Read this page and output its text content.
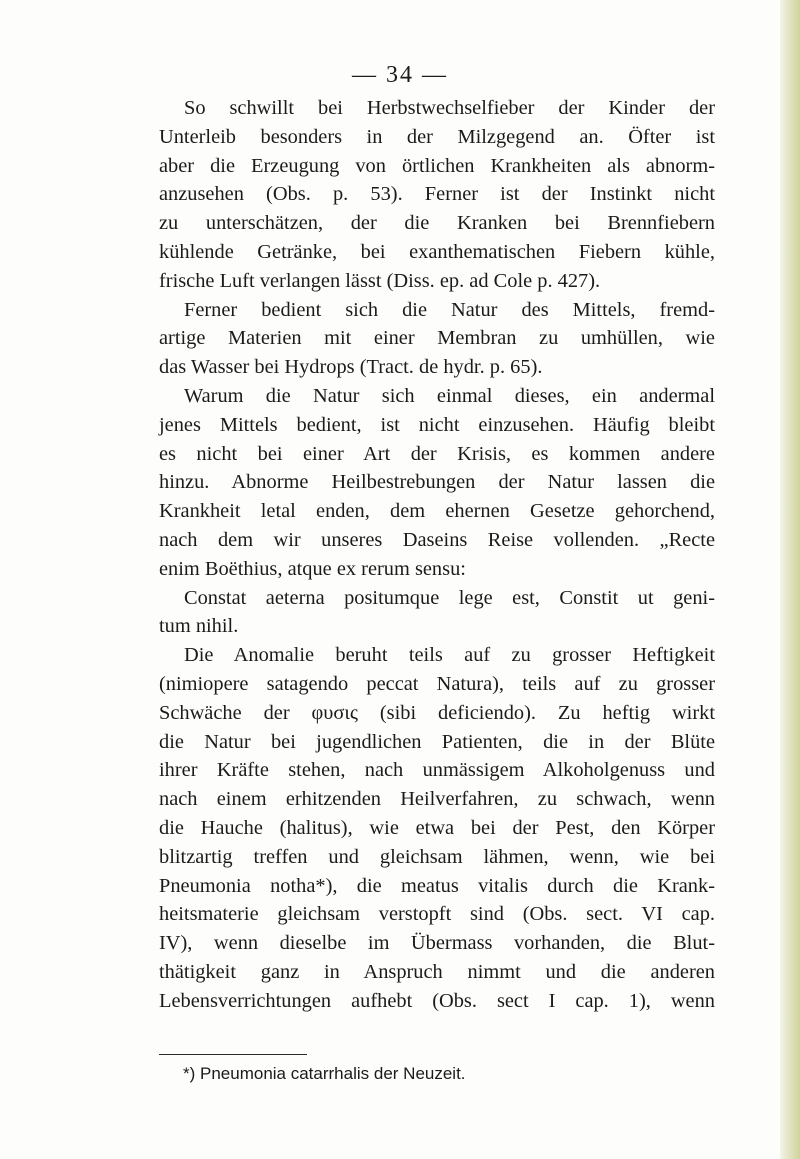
— 34 —
So schwillt bei Herbstwechselfieber der Kinder der
Unterleib besonders in der Milzgegend an. Öfter ist
aber die Erzeugung von örtlichen Krankheiten als abnorm-
anzusehen (Obs. p. 53). Ferner ist der Instinkt nicht
zu unterschätzen, der die Kranken bei Brennfiebern
kühlende Getränke, bei exanthematischen Fiebern kühle,
frische Luft verlangen lässt (Diss. ep. ad Cole p. 427).
Ferner bedient sich die Natur des Mittels, fremd-
artige Materien mit einer Membran zu umhüllen, wie
das Wasser bei Hydrops (Tract. de hydr. p. 65).
Warum die Natur sich einmal dieses, ein andermal
jenes Mittels bedient, ist nicht einzusehen. Häufig bleibt
es nicht bei einer Art der Krisis, es kommen andere
hinzu. Abnorme Heilbestrebungen der Natur lassen die
Krankheit letal enden, dem ehernen Gesetze gehorchend,
nach dem wir unseres Daseins Reise vollenden. „Recte
enim Boëthius, atque ex rerum sensu:
Constat aeterna positumque lege est, Constit ut geni-
tum nihil.
Die Anomalie beruht teils auf zu grosser Heftigkeit
(nimiopere satagendo peccat Natura), teils auf zu grosser
Schwäche der φυσις (sibi deficiendo). Zu heftig wirkt
die Natur bei jugendlichen Patienten, die in der Blüte
ihrer Kräfte stehen, nach unmässigem Alkoholgenuss und
nach einem erhitzenden Heilverfahren, zu schwach, wenn
die Hauche (halitus), wie etwa bei der Pest, den Körper
blitzartig treffen und gleichsam lähmen, wenn, wie bei
Pneumonia notha*), die meatus vitalis durch die Krank-
heitsmaterie gleichsam verstopft sind (Obs. sect. VI cap.
IV), wenn dieselbe im Übermass vorhanden, die Blut-
thätigkeit ganz in Anspruch nimmt und die anderen
Lebensverrichtungen aufhebt (Obs. sect I cap. 1), wenn
*) Pneumonia catarrhalis der Neuzeit.
